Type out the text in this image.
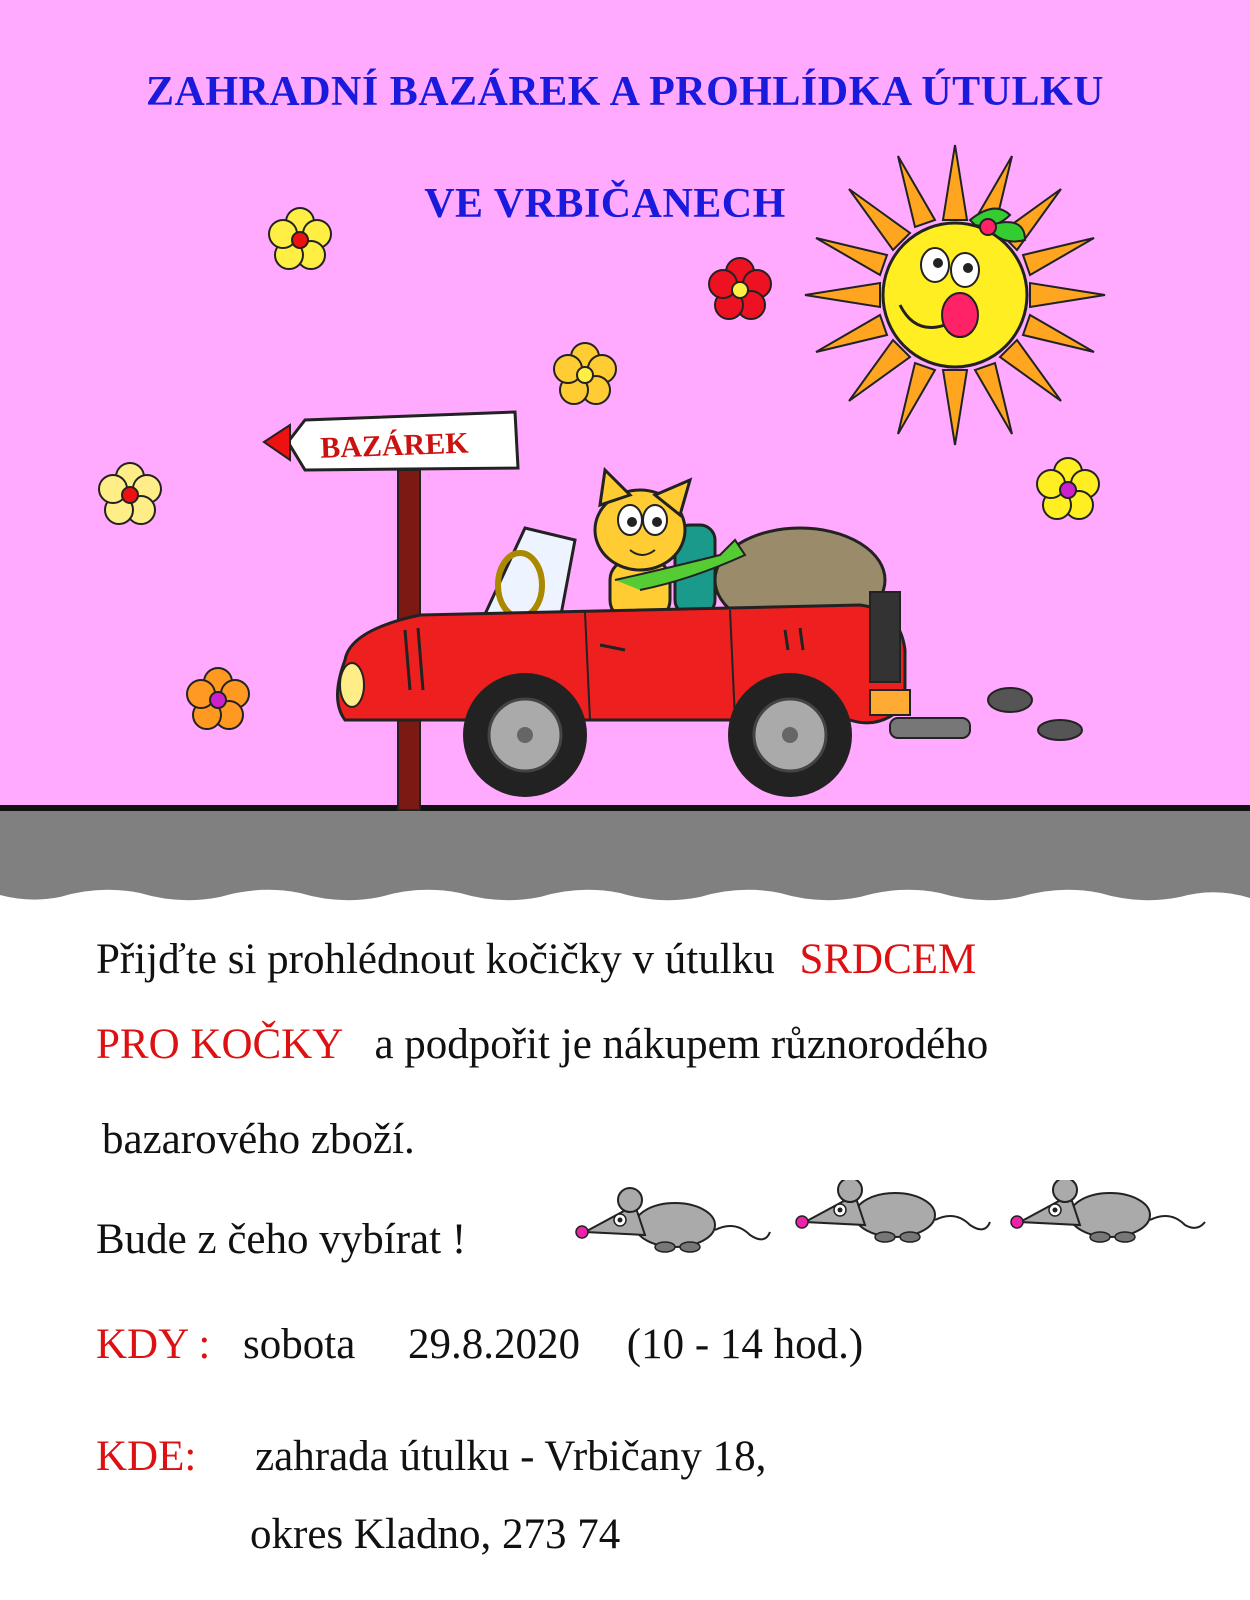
BAZÁREK
ZAHRADNÍ BAZÁREK A PROHLÍDKA ÚTULKU
VE VRBIČANECH
Přijďte si prohlédnout kočičky v útulku SRDCEM
PRO KOČKY a podpořit je nákupem různorodého
bazarového zboží.
Bude z čeho vybírat !
KDY : sobota 29.8.2020 (10 - 14 hod.)
KDE: zahrada útulku - Vrbičany 18,
okres Kladno, 273 74
